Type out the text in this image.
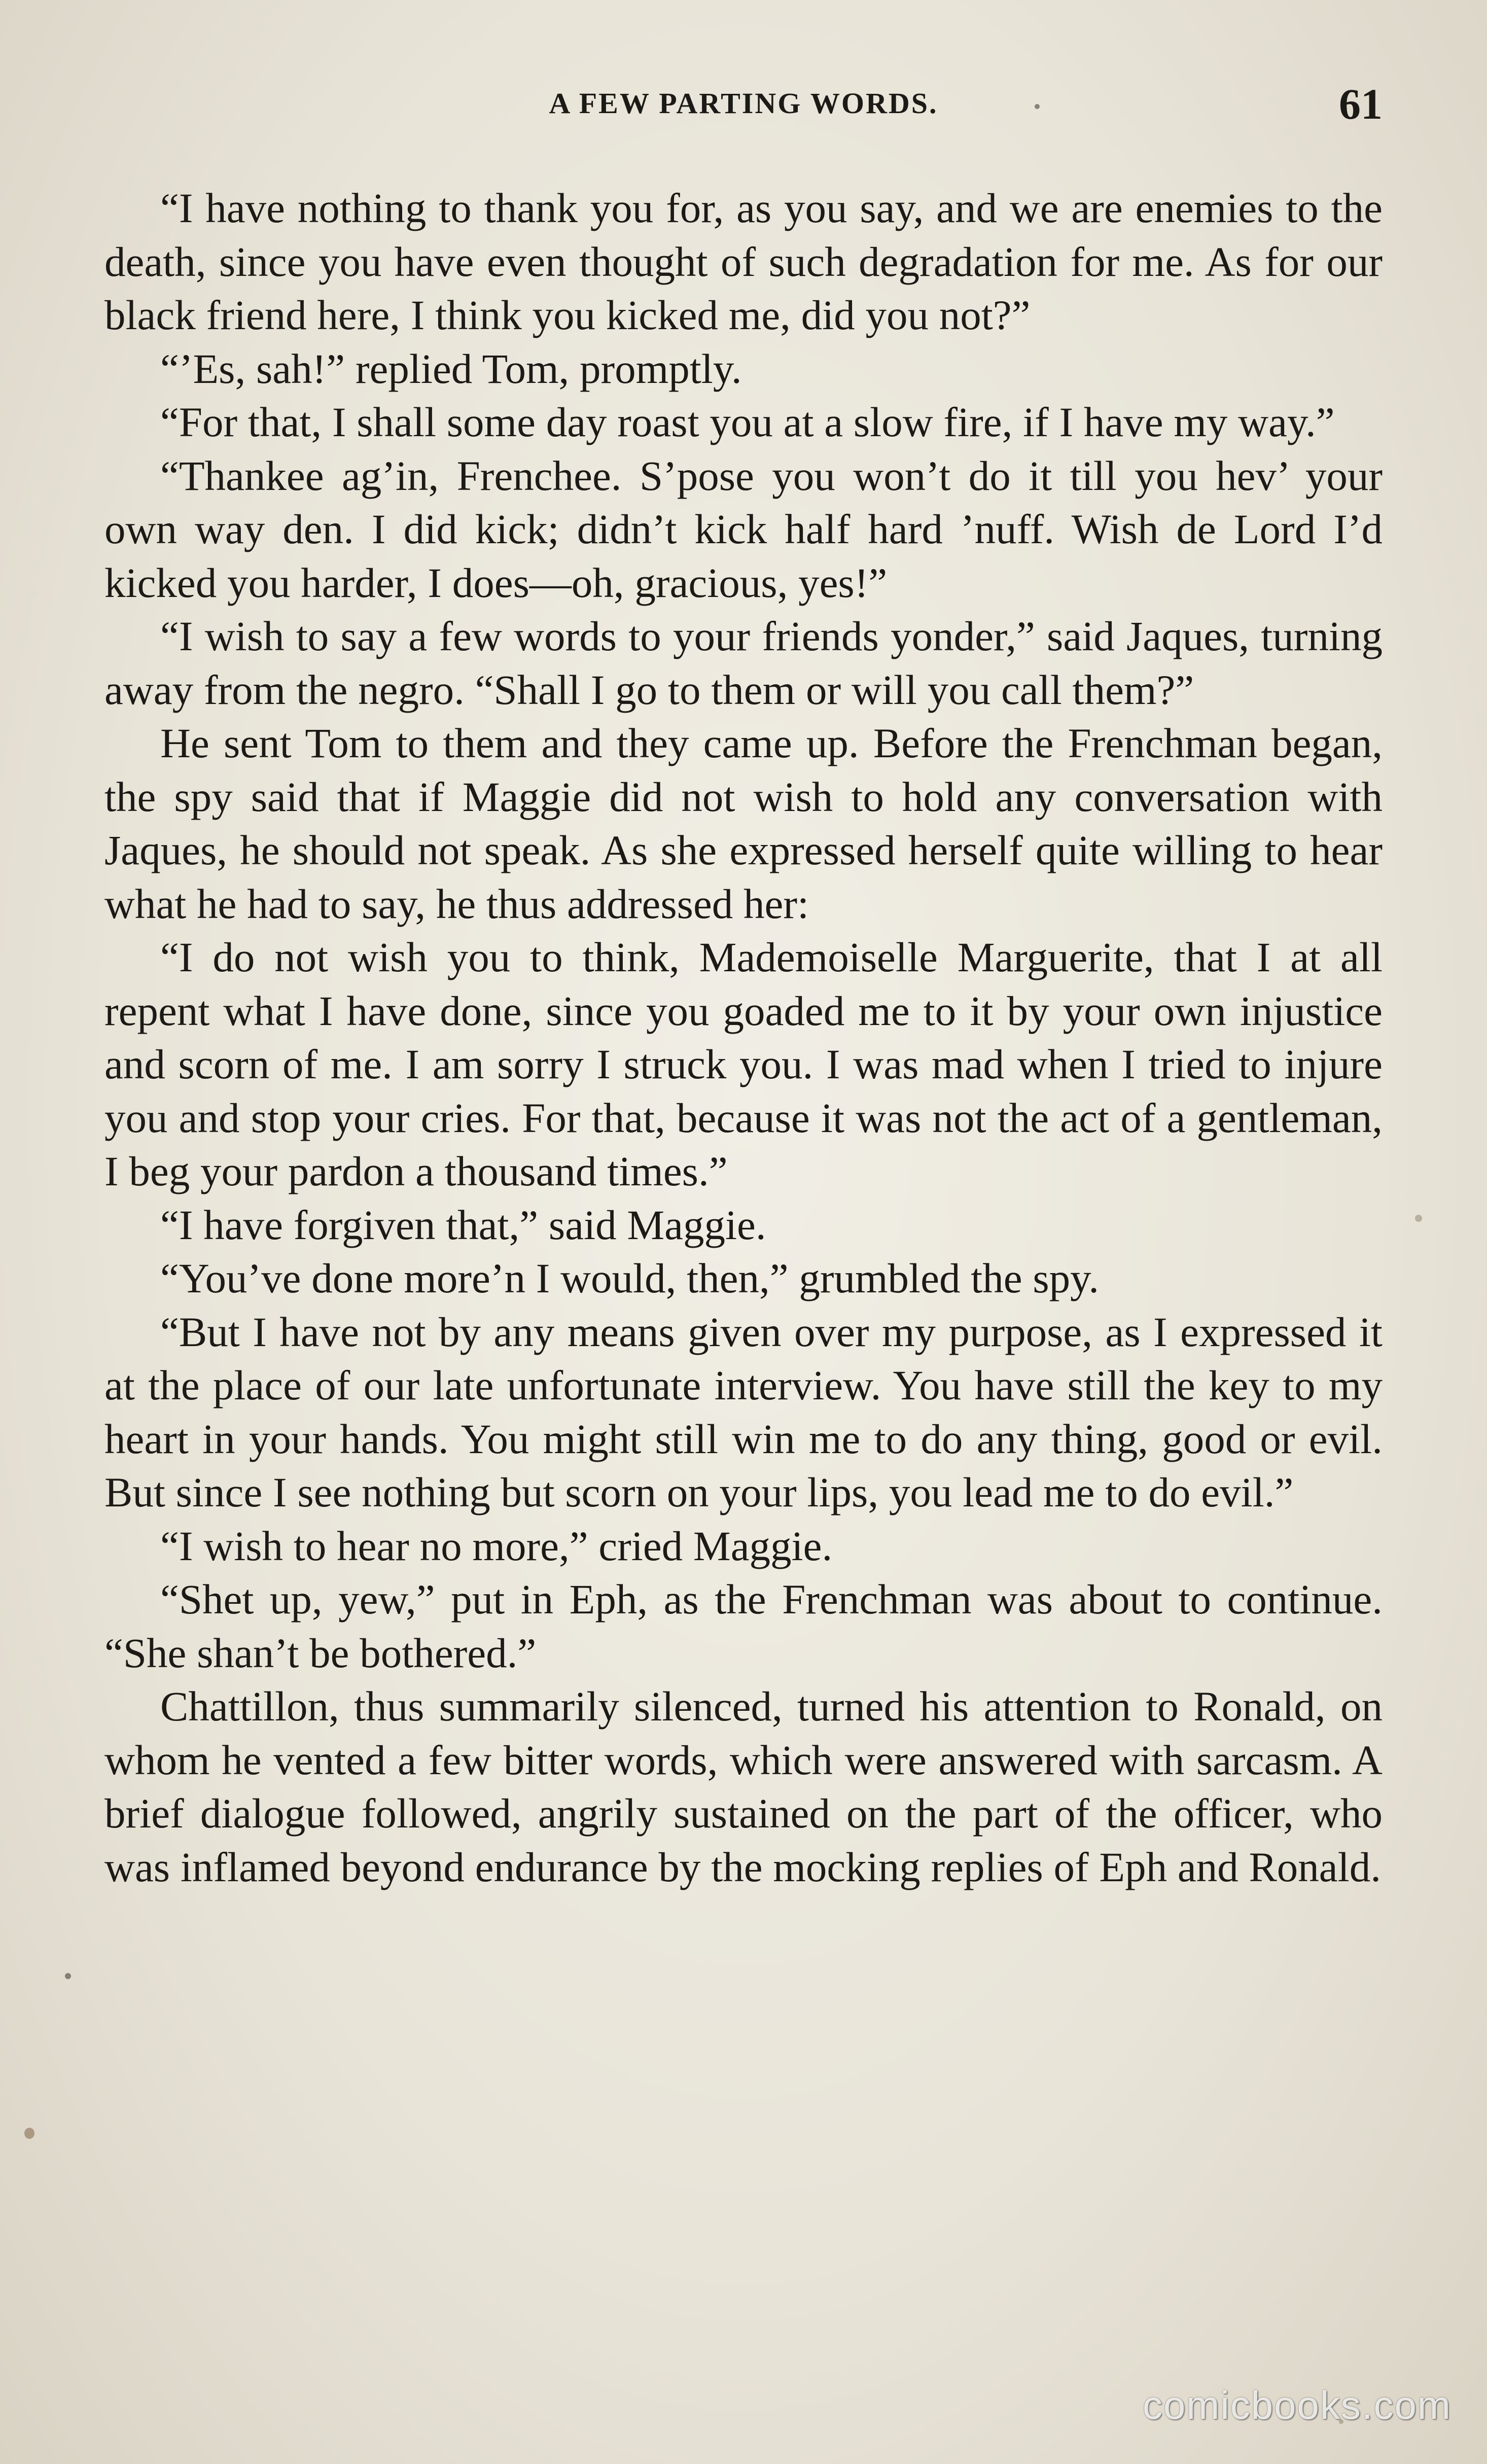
A FEW PARTING WORDS.	61

“I have nothing to thank you for, as you say, and we are enemies to the death, since you have even thought of such degradation for me. As for our black friend here, I think you kicked me, did you not?”

“’Es, sah!” replied Tom, promptly.

“For that, I shall some day roast you at a slow fire, if I have my way.”

“Thankee ag’in, Frenchee. S’pose you won’t do it till you hev’ your own way den. I did kick; didn’t kick half hard ’nuff. Wish de Lord I’d kicked you harder, I does—oh, gracious, yes!”

“I wish to say a few words to your friends yonder,” said Jaques, turning away from the negro. “Shall I go to them or will you call them?”

He sent Tom to them and they came up. Before the Frenchman began, the spy said that if Maggie did not wish to hold any conversation with Jaques, he should not speak. As she expressed herself quite willing to hear what he had to say, he thus addressed her:

“I do not wish you to think, Mademoiselle Marguerite, that I at all repent what I have done, since you goaded me to it by your own injustice and scorn of me. I am sorry I struck you. I was mad when I tried to injure you and stop your cries. For that, because it was not the act of a gentleman, I beg your pardon a thousand times.”

“I have forgiven that,” said Maggie.

“You’ve done more’n I would, then,” grumbled the spy.

“But I have not by any means given over my purpose, as I expressed it at the place of our late unfortunate interview. You have still the key to my heart in your hands. You might still win me to do any thing, good or evil. But since I see nothing but scorn on your lips, you lead me to do evil.”

“I wish to hear no more,” cried Maggie.

“Shet up, yew,” put in Eph, as the Frenchman was about to continue. “She shan’t be bothered.”

Chattillon, thus summarily silenced, turned his attention to Ronald, on whom he vented a few bitter words, which were answered with sarcasm. A brief dialogue followed, angrily sustained on the part of the officer, who was inflamed beyond endurance by the mocking replies of Eph and Ronald.

comicbooks.com
